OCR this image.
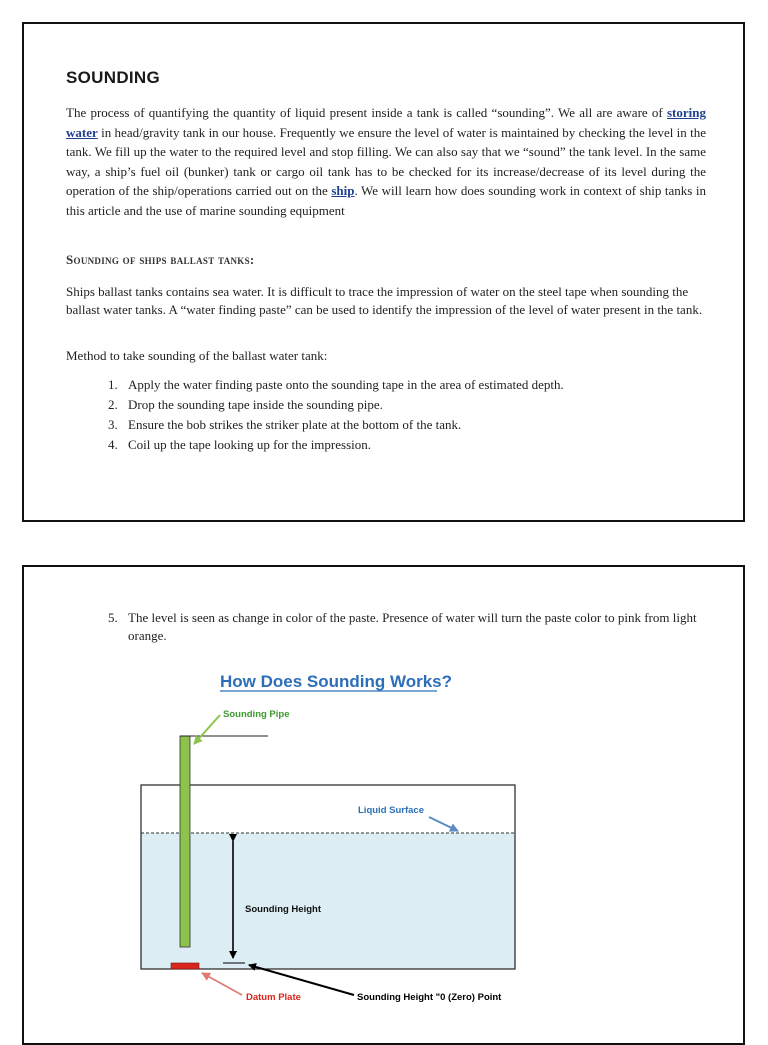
SOUNDING

The process of quantifying the quantity of liquid present inside a tank is called “sounding”. We all are aware of storing water in head/gravity tank in our house. Frequently we ensure the level of water is maintained by checking the level in the tank. We fill up the water to the required level and stop filling. We can also say that we “sound” the tank level. In the same way, a ship’s fuel oil (bunker) tank or cargo oil tank has to be checked for its increase/decrease of its level during the operation of the ship/operations carried out on the ship. We will learn how does sounding work in context of ship tanks in this article and the use of marine sounding equipment

Sounding of ships ballast tanks:

Ships ballast tanks contains sea water. It is difficult to trace the impression of water on the steel tape when sounding the ballast water tanks. A “water finding paste” can be used to identify the impression of the level of water present in the tank.

Method to take sounding of the ballast water tank:

1. Apply the water finding paste onto the sounding tape in the area of estimated depth.
2. Drop the sounding tape inside the sounding pipe.
3. Ensure the bob strikes the striker plate at the bottom of the tank.
4. Coil up the tape looking up for the impression.
5. The level is seen as change in color of the paste. Presence of water will turn the paste color to pink from light orange.
How Does Sounding Works?
Sounding Pipe
Liquid Surface
Sounding Height
Datum Plate	Sounding Height "0 (Zero) Point
